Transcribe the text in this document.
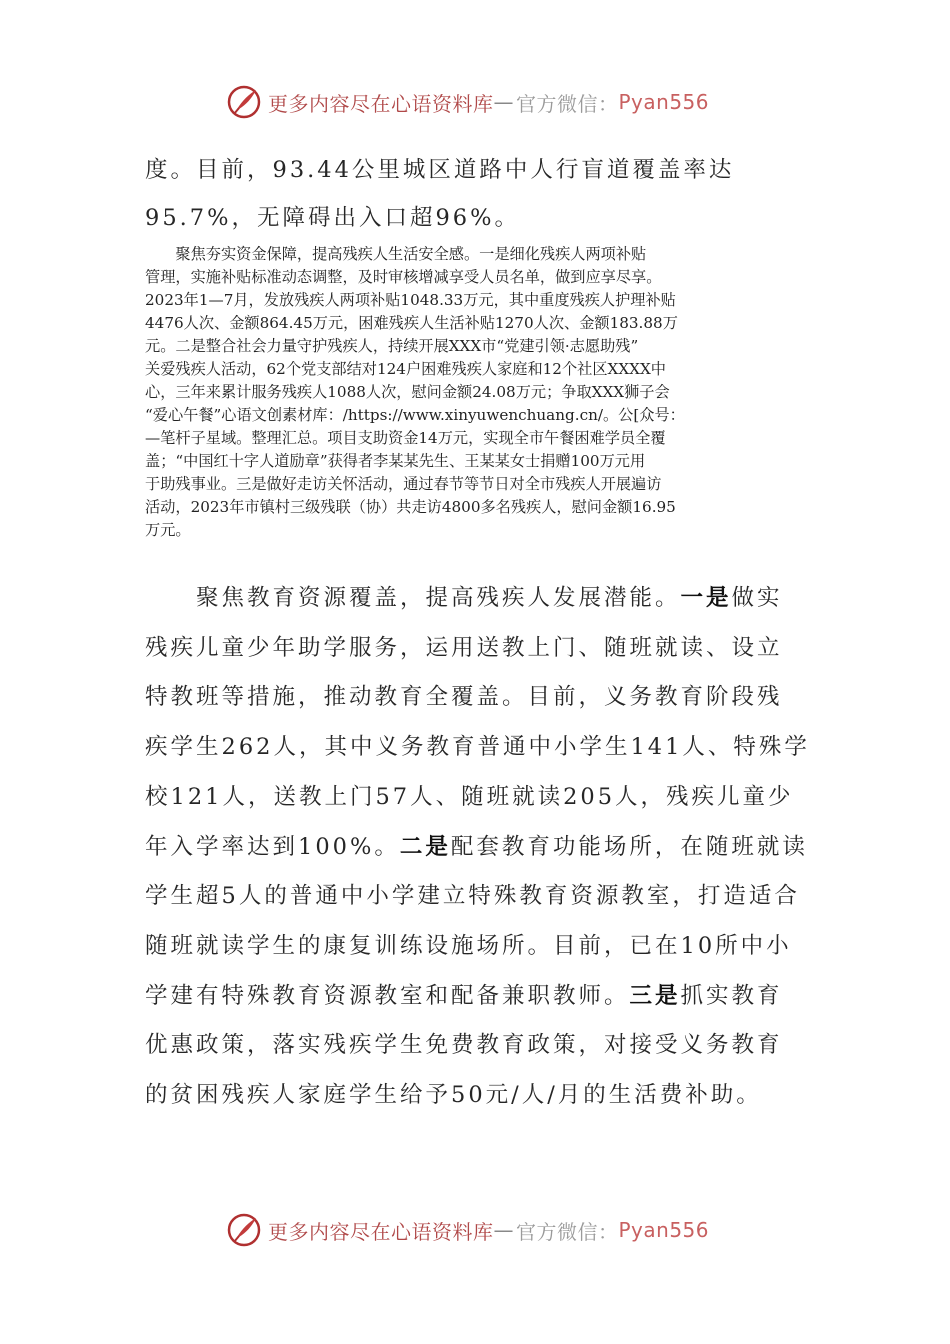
更多内容尽在心语资料库 — 官方微信： Pyan556

度。目前，93.44公里城区道路中人行盲道覆盖率达

95.7%，无障碍出入口超96%。

　　聚焦夯实资金保障，提高残疾人生活安全感。一是细化残疾人两项补贴
管理，实施补贴标准动态调整，及时审核增减享受人员名单，做到应享尽享。
2023年1—7月，发放残疾人两项补贴1048.33万元，其中重度残疾人护理补贴
4476人次、金额864.45万元，困难残疾人生活补贴1270人次、金额183.88万
元。二是整合社会力量守护残疾人，持续开展XXX市“党建引领·志愿助残”
关爱残疾人活动，62个党支部结对124户困难残疾人家庭和12个社区XXXX中
心，三年来累计服务残疾人1088人次，慰问金额24.08万元；争取XXX狮子会
“爱心午餐”心语文创素材库：/https://www.xinyuwenchuang.cn/。公[众号：
—笔杆子星域。整理汇总。项目支助资金14万元，实现全市午餐困难学员全覆
盖；“中国红十字人道励章”获得者李某某先生、王某某女士捐赠100万元用
于助残事业。三是做好走访关怀活动，通过春节等节日对全市残疾人开展遍访
活动，2023年市镇村三级残联（协）共走访4800多名残疾人，慰问金额16.95
万元。
　　聚焦教育资源覆盖，提高残疾人发展潜能。一是做实
残疾儿童少年助学服务，运用送教上门、随班就读、设立
特教班等措施，推动教育全覆盖。目前，义务教育阶段残
疾学生262人，其中义务教育普通中小学生141人、特殊学
校121人，送教上门57人、随班就读205人，残疾儿童少
年入学率达到100%。二是配套教育功能场所，在随班就读
学生超5人的普通中小学建立特殊教育资源教室，打造适合
随班就读学生的康复训练设施场所。目前，已在10所中小
学建有特殊教育资源教室和配备兼职教师。三是抓实教育
优惠政策，落实残疾学生免费教育政策，对接受义务教育
的贫困残疾人家庭学生给予50元/人/月的生活费补助。
更多内容尽在心语资料库 — 官方微信： Pyan556
